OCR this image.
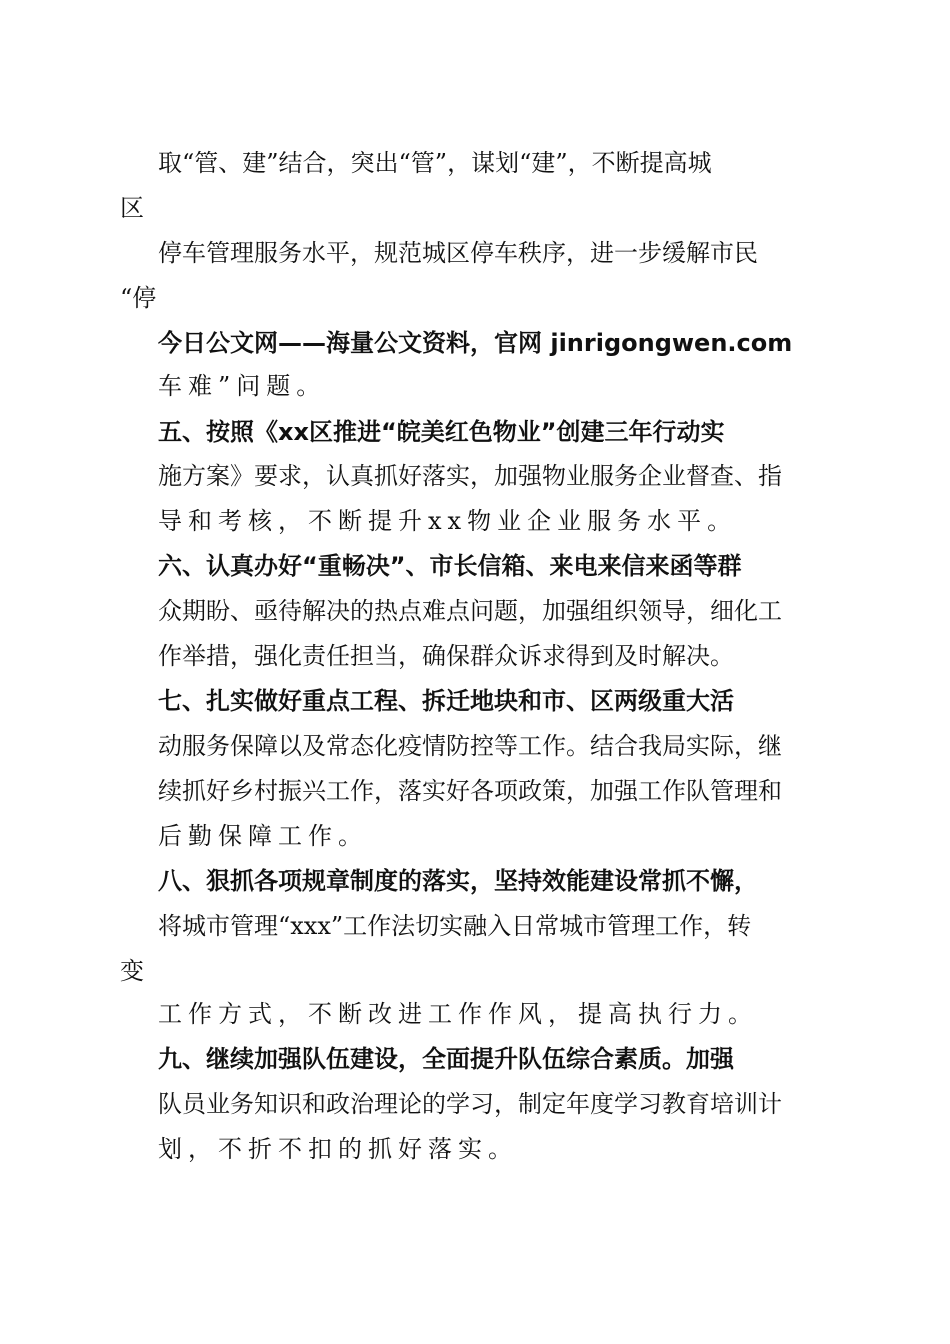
取“管、建”结合，突出“管”，谋划“建”，不断提高城
区
停车管理服务水平，规范城区停车秩序，进一步缓解市民
“停
今日公文网——海量公文资料，官网 jinrigongwen.com
车难”问题。
五、按照《xx区推进“皖美红色物业”创建三年行动实
施方案》要求，认真抓好落实，加强物业服务企业督查、指
导和考核，不断提升xx物业企业服务水平。
六、认真办好“重畅决”、市长信箱、来电来信来函等群
众期盼、亟待解决的热点难点问题，加强组织领导，细化工
作举措，强化责任担当，确保群众诉求得到及时解决。
七、扎实做好重点工程、拆迁地块和市、区两级重大活
动服务保障以及常态化疫情防控等工作。结合我局实际，继
续抓好乡村振兴工作，落实好各项政策，加强工作队管理和
后勤保障工作。
八、狠抓各项规章制度的落实，坚持效能建设常抓不懈，
将城市管理“xxx”工作法切实融入日常城市管理工作，转
变
工作方式，不断改进工作作风，提高执行力。
九、继续加强队伍建设，全面提升队伍综合素质。加强
队员业务知识和政治理论的学习，制定年度学习教育培训计
划，不折不扣的抓好落实。
